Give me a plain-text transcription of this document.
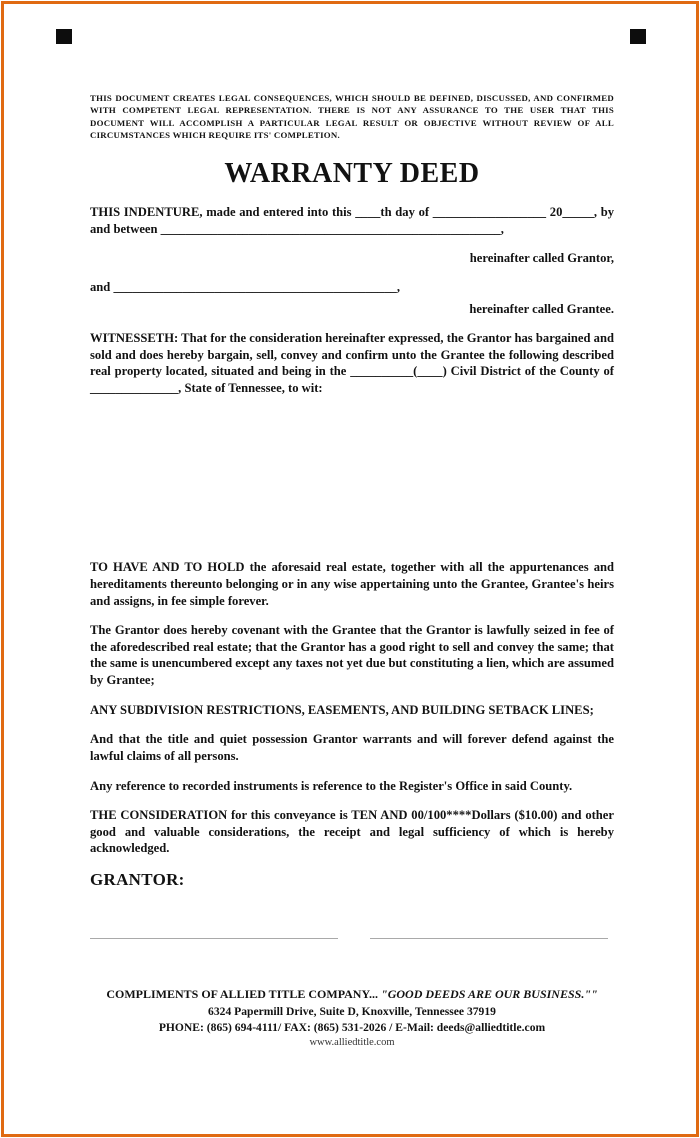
THIS DOCUMENT CREATES LEGAL CONSEQUENCES, WHICH SHOULD BE DEFINED, DISCUSSED, AND CONFIRMED WITH COMPETENT LEGAL REPRESENTATION. THERE IS NOT ANY ASSURANCE TO THE USER THAT THIS DOCUMENT WILL ACCOMPLISH A PARTICULAR LEGAL RESULT OR OBJECTIVE WITHOUT REVIEW OF ALL CIRCUMSTANCES WHICH REQUIRE ITS' COMPLETION.
WARRANTY DEED

THIS INDENTURE, made and entered into this ____th day of __________________ 20_____, by and between ______________________________________________________,

hereinafter called Grantor,

and _____________________________________________,

hereinafter called Grantee.

WITNESSETH: That for the consideration hereinafter expressed, the Grantor has bargained and sold and does hereby bargain, sell, convey and confirm unto the Grantee the following described real property located, situated and being in the __________(____) Civil District of the County of ______________, State of Tennessee, to wit:

TO HAVE AND TO HOLD the aforesaid real estate, together with all the appurtenances and hereditaments thereunto belonging or in any wise appertaining unto the Grantee, Grantee's heirs and assigns, in fee simple forever.

The Grantor does hereby covenant with the Grantee that the Grantor is lawfully seized in fee of the aforedescribed real estate; that the Grantor has a good right to sell and convey the same; that the same is unencumbered except any taxes not yet due but constituting a lien, which are assumed by Grantee;

ANY SUBDIVISION RESTRICTIONS, EASEMENTS, AND BUILDING SETBACK LINES;

And that the title and quiet possession Grantor warrants and will forever defend against the lawful claims of all persons.

Any reference to recorded instruments is reference to the Register's Office in said County.

THE CONSIDERATION for this conveyance is TEN AND 00/100****Dollars ($10.00) and other good and valuable considerations, the receipt and legal sufficiency of which is hereby acknowledged.

GRANTOR:

COMPLIMENTS OF ALLIED TITLE COMPANY... "GOOD DEEDS ARE OUR BUSINESS.""

6324 Papermill Drive, Suite D, Knoxville, Tennessee 37919

PHONE: (865) 694-4111/ FAX: (865) 531-2026 / E-Mail: deeds@alliedtitle.com

www.alliedtitle.com
